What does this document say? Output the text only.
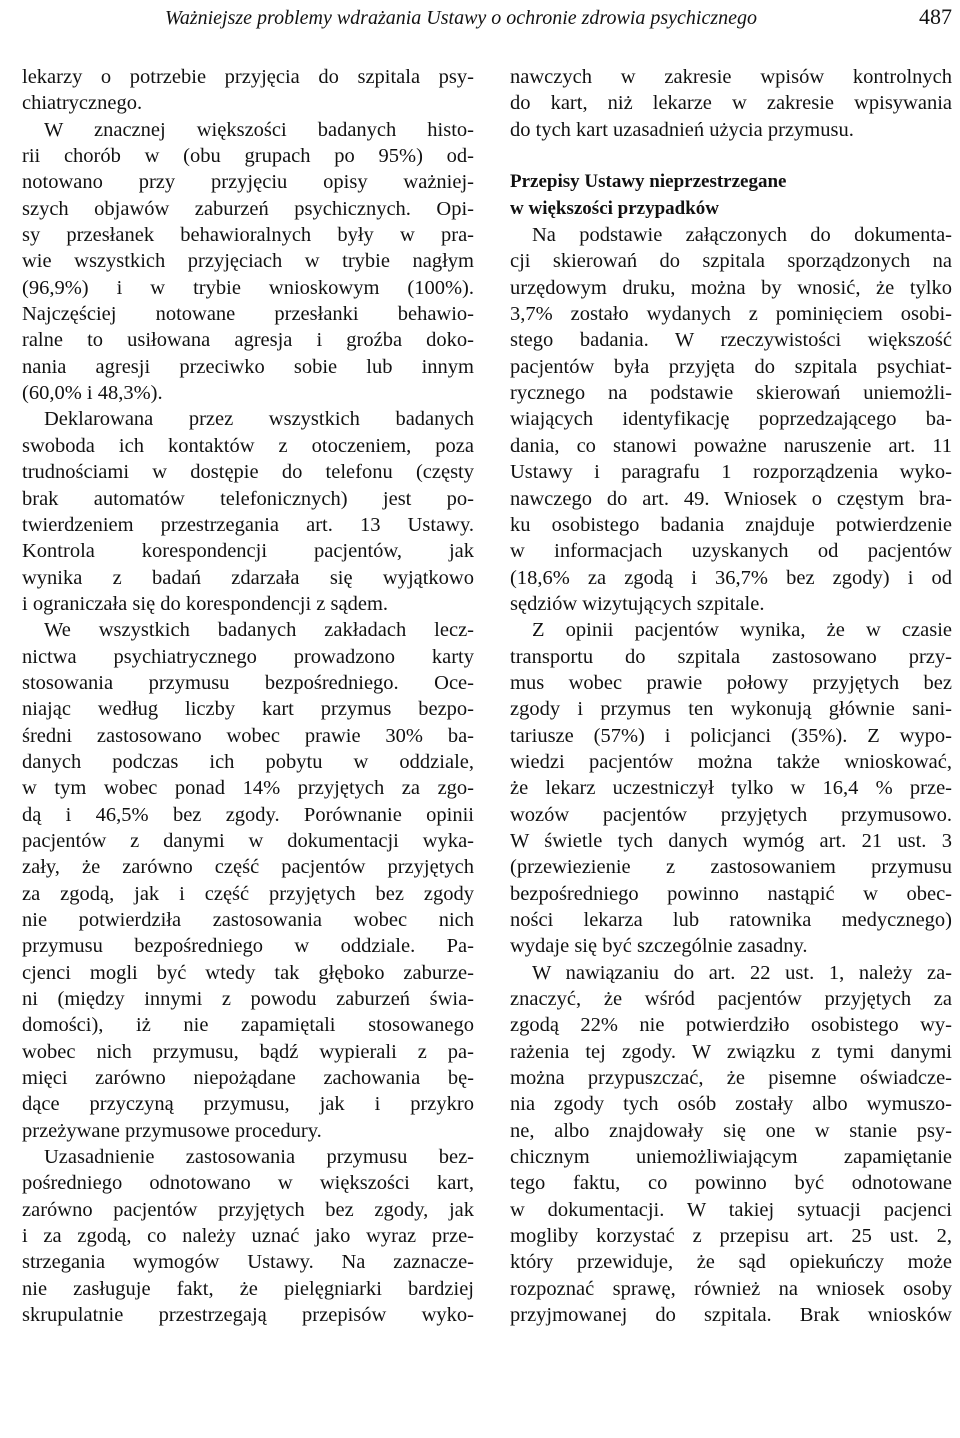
Ważniejsze problemy wdrażania Ustawy o ochronie zdrowia psychicznego	487
lekarzy o potrzebie przyjęcia do szpitala psy-
chiatrycznego.
W znacznej większości badanych histo-
rii chorób w (obu grupach po 95%) od-
notowano przy przyjęciu opisy ważniej-
szych objawów zaburzeń psychicznych. Opi-
sy przesłanek behawioralnych były w pra-
wie wszystkich przyjęciach w trybie nagłym
(96,9%) i w trybie wnioskowym (100%).
Najczęściej notowane przesłanki behawio-
ralne to usiłowana agresja i groźba doko-
nania agresji przeciwko sobie lub innym
(60,0% i 48,3%).
Deklarowana przez wszystkich badanych
swoboda ich kontaktów z otoczeniem, poza
trudnościami w dostępie do telefonu (częsty
brak automatów telefonicznych) jest po-
twierdzeniem przestrzegania art. 13 Ustawy.
Kontrola korespondencji pacjentów, jak
wynika z badań zdarzała się wyjątkowo
i ograniczała się do korespondencji z sądem.
We wszystkich badanych zakładach lecz-
nictwa psychiatrycznego prowadzono karty
stosowania przymusu bezpośredniego. Oce-
niając według liczby kart przymus bezpo-
średni zastosowano wobec prawie 30% ba-
danych podczas ich pobytu w oddziale,
w tym wobec ponad 14% przyjętych za zgo-
dą i 46,5% bez zgody. Porównanie opinii
pacjentów z danymi w dokumentacji wyka-
zały, że zarówno część pacjentów przyjętych
za zgodą, jak i część przyjętych bez zgody
nie potwierdziła zastosowania wobec nich
przymusu bezpośredniego w oddziale. Pa-
cjenci mogli być wtedy tak głęboko zaburze-
ni (między innymi z powodu zaburzeń świa-
domości), iż nie zapamiętali stosowanego
wobec nich przymusu, bądź wypierali z pa-
mięci zarówno niepożądane zachowania bę-
dące przyczyną przymusu, jak i przykro
przeżywane przymusowe procedury.
Uzasadnienie zastosowania przymusu bez-
pośredniego odnotowano w większości kart,
zarówno pacjentów przyjętych bez zgody, jak
i za zgodą, co należy uznać jako wyraz prze-
strzegania wymogów Ustawy. Na zaznacze-
nie zasługuje fakt, że pielęgniarki bardziej
skrupulatnie przestrzegają przepisów wyko-
nawczych w zakresie wpisów kontrolnych
do kart, niż lekarze w zakresie wpisywania
do tych kart uzasadnień użycia przymusu.
Przepisy Ustawy nieprzestrzegane
w większości przypadków
Na podstawie załączonych do dokumenta-
cji skierowań do szpitala sporządzonych na
urzędowym druku, można by wnosić, że tylko
3,7% zostało wydanych z pominięciem osobi-
stego badania. W rzeczywistości większość
pacjentów była przyjęta do szpitala psychiat-
rycznego na podstawie skierowań uniemożli-
wiających identyfikację poprzedzającego ba-
dania, co stanowi poważne naruszenie art. 11
Ustawy i paragrafu 1 rozporządzenia wyko-
nawczego do art. 49. Wniosek o częstym bra-
ku osobistego badania znajduje potwierdzenie
w informacjach uzyskanych od pacjentów
(18,6% za zgodą i 36,7% bez zgody) i od
sędziów wizytujących szpitale.
Z opinii pacjentów wynika, że w czasie
transportu do szpitala zastosowano przy-
mus wobec prawie połowy przyjętych bez
zgody i przymus ten wykonują głównie sani-
tariusze (57%) i policjanci (35%). Z wypo-
wiedzi pacjentów można także wnioskować,
że lekarz uczestniczył tylko w 16,4 % prze-
wozów pacjentów przyjętych przymusowo.
W świetle tych danych wymóg art. 21 ust. 3
(przewiezienie z zastosowaniem przymusu
bezpośredniego powinno nastąpić w obec-
ności lekarza lub ratownika medycznego)
wydaje się być szczególnie zasadny.
W nawiązaniu do art. 22 ust. 1, należy za-
znaczyć, że wśród pacjentów przyjętych za
zgodą 22% nie potwierdziło osobistego wy-
rażenia tej zgody. W związku z tymi danymi
można przypuszczać, że pisemne oświadcze-
nia zgody tych osób zostały albo wymuszo-
ne, albo znajdowały się one w stanie psy-
chicznym uniemożliwiającym zapamiętanie
tego faktu, co powinno być odnotowane
w dokumentacji. W takiej sytuacji pacjenci
mogliby korzystać z przepisu art. 25 ust. 2,
który przewiduje, że sąd opiekuńczy może
rozpoznać sprawę, również na wniosek osoby
przyjmowanej do szpitala. Brak wniosków
